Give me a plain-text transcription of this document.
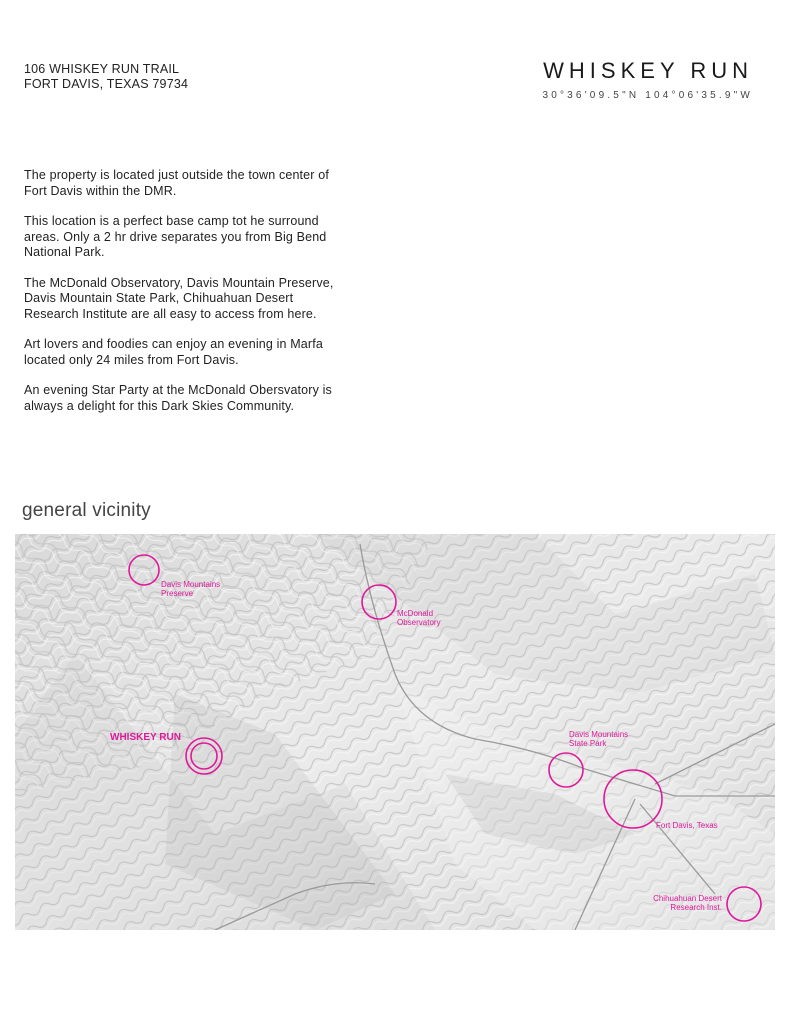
106 WHISKEY RUN TRAIL
FORT DAVIS, TEXAS 79734
WHISKEY RUN
30°36'09.5"N 104°06'35.9"W

The property is located just outside the town center of Fort Davis within the DMR.

This location is a perfect base camp tot he surround areas. Only a 2 hr drive separates you from Big Bend National Park.

The McDonald Observatory, Davis Mountain Preserve, Davis Mountain State Park, Chihuahuan Desert Research Institute are all easy to access from here.

Art lovers and foodies can enjoy an evening in Marfa located only 24 miles from Fort Davis.

An evening Star Party at the McDonald Obersvatory is always a delight for this Dark Skies Community.

general vicinity
Davis Mountains Preserve
McDonald Observatory
WHISKEY RUN	Davis Mountains State Park
Fort Davis, Texas
Chihuahuan Desert Research Inst.
